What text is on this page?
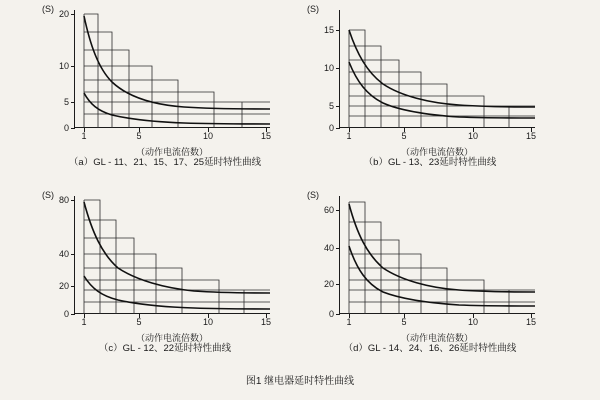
(S)
0
5
10
20
1	5	10	15
（动作电流倍数）
（a）GL - 11、21、15、17、25延时特性曲线
(S)
0
5
10
15
1	5	10	15
（动作电流倍数）
（b）GL - 13、23延时特性曲线
(S)
0
20
40
80
1	5	10	15
（动作电流倍数）
（c）GL - 12、22延时特性曲线
(S)
0
20
40
60
1	5	10	15
（动作电流倍数）
（d）GL - 14、24、16、26延时特性曲线
图1 继电器延时特性曲线
